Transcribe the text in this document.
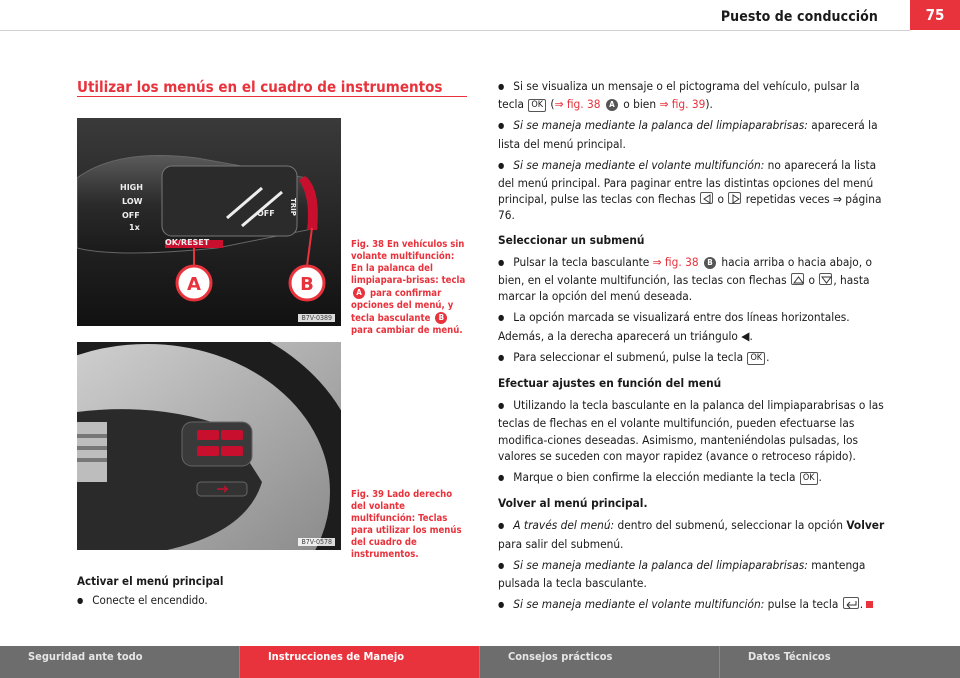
Puesto de conducción	75
Utilizar los menús en el cuadro de instrumentos
HIGH
LOW
OFF
1x
OFF TRIP
OK/RESET
A	B
B7V-0389
Fig. 38 En vehículos sin volante multifunción: En la palanca del limpiapara-brisas: tecla A para confirmar opciones del menú, y tecla basculante B para cambiar de menú.
B7V-0578
Fig. 39 Lado derecho del volante multifunción: Teclas para utilizar los menús del cuadro de instrumentos.
Activar el menú principal
● Conecte el encendido.
● Si se visualiza un mensaje o el pictograma del vehículo, pulsar la tecla OK (⇒ fig. 38 A o bien ⇒ fig. 39).
● Si se maneja mediante la palanca del limpiaparabrisas: aparecerá la lista del menú principal.
● Si se maneja mediante el volante multifunción: no aparecerá la lista del menú principal. Para paginar entre las distintas opciones del menú principal, pulse las teclas con flechas
o
repetidas veces ⇒ página 76.
Seleccionar un submenú
● Pulsar la tecla basculante ⇒ fig. 38 B hacia arriba o hacia abajo, o bien, en el volante multifunción, las teclas con flechas
o
, hasta marcar la opción del menú deseada.
● La opción marcada se visualizará entre dos líneas horizontales. Además, a la derecha aparecerá un triángulo ◀.
● Para seleccionar el submenú, pulse la tecla OK .
Efectuar ajustes en función del menú
● Utilizando la tecla basculante en la palanca del limpiaparabrisas o las teclas de flechas en el volante multifunción, pueden efectuarse las modifica-ciones deseadas. Asimismo, manteniéndolas pulsadas, los valores se suceden con mayor rapidez (avance o retroceso rápido).
● Marque o bien confirme la elección mediante la tecla OK .
Volver al menú principal.
● A través del menú: dentro del submenú, seleccionar la opción Volver para salir del submenú.
● Si se maneja mediante la palanca del limpiaparabrisas: mantenga pulsada la tecla basculante.
● Si se maneja mediante el volante multifunción: pulse la tecla
.
Seguridad ante todo	Instrucciones de Manejo	Consejos prácticos	Datos Técnicos
